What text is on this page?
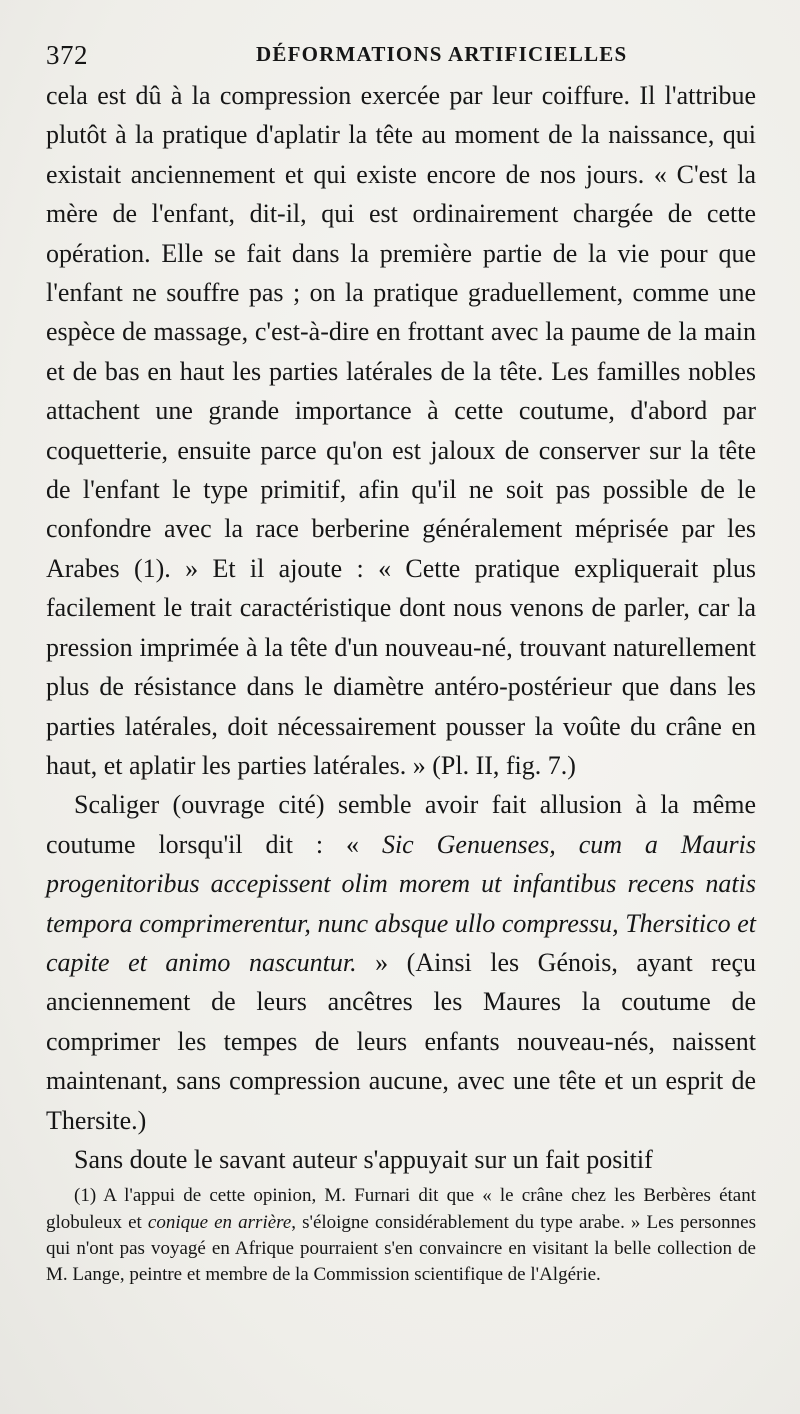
372	DÉFORMATIONS ARTIFICIELLES

cela est dû à la compression exercée par leur coiffure. Il l'attribue plutôt à la pratique d'aplatir la tête au moment de la naissance, qui existait anciennement et qui existe encore de nos jours. « C'est la mère de l'enfant, dit-il, qui est ordinairement chargée de cette opération. Elle se fait dans la première partie de la vie pour que l'enfant ne souffre pas ; on la pratique graduellement, comme une espèce de massage, c'est-à-dire en frottant avec la paume de la main et de bas en haut les parties latérales de la tête. Les familles nobles attachent une grande importance à cette coutume, d'abord par coquetterie, ensuite parce qu'on est jaloux de conserver sur la tête de l'enfant le type primitif, afin qu'il ne soit pas possible de le confondre avec la race berberine généralement méprisée par les Arabes (1). » Et il ajoute : « Cette pratique expliquerait plus facilement le trait caractéristique dont nous venons de parler, car la pression imprimée à la tête d'un nouveau-né, trouvant naturellement plus de résistance dans le diamètre antéro-postérieur que dans les parties latérales, doit nécessairement pousser la voûte du crâne en haut, et aplatir les parties latérales. » (Pl. II, fig. 7.)

Scaliger (ouvrage cité) semble avoir fait allusion à la même coutume lorsqu'il dit : « Sic Genuenses, cum a Mauris progenitoribus accepissent olim morem ut infantibus recens natis tempora comprimerentur, nunc absque ullo compressu, Thersitico et capite et animo nascuntur. » (Ainsi les Génois, ayant reçu anciennement de leurs ancêtres les Maures la coutume de comprimer les tempes de leurs enfants nouveau-nés, naissent maintenant, sans compression aucune, avec une tête et un esprit de Thersite.)

Sans doute le savant auteur s'appuyait sur un fait positif

(1) A l'appui de cette opinion, M. Furnari dit que « le crâne chez les Berbères étant globuleux et conique en arrière, s'éloigne considérablement du type arabe. » Les personnes qui n'ont pas voyagé en Afrique pourraient s'en convaincre en visitant la belle collection de M. Lange, peintre et membre de la Commission scientifique de l'Algérie.
